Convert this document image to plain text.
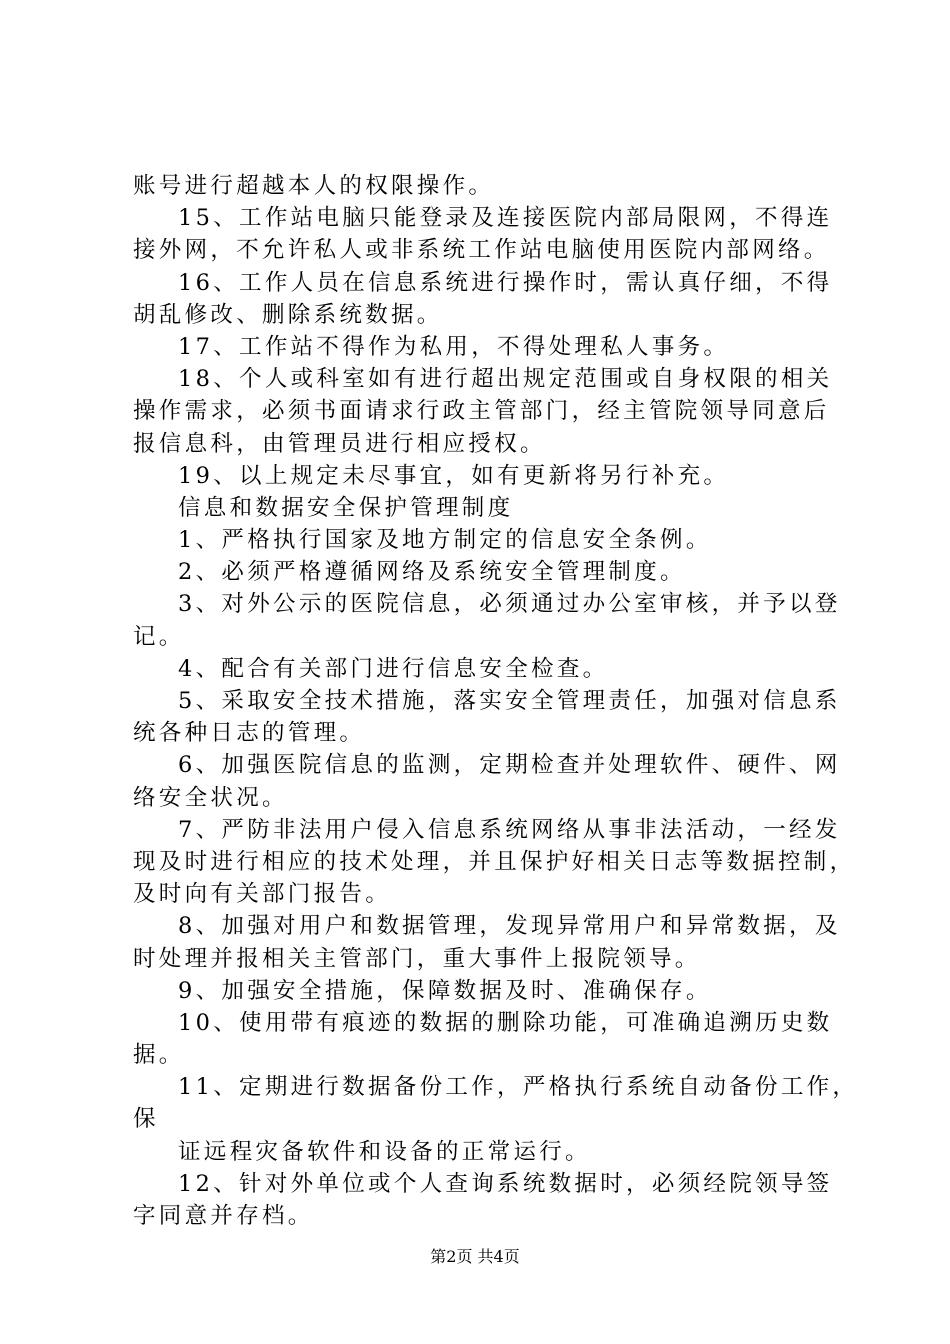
账号进行超越本人的权限操作。
15、工作站电脑只能登录及连接医院内部局限网，不得连
接外网，不允许私人或非系统工作站电脑使用医院内部网络。
16、工作人员在信息系统进行操作时，需认真仔细，不得
胡乱修改、删除系统数据。
17、工作站不得作为私用，不得处理私人事务。
18、个人或科室如有进行超出规定范围或自身权限的相关
操作需求，必须书面请求行政主管部门，经主管院领导同意后
报信息科，由管理员进行相应授权。
19、以上规定未尽事宜，如有更新将另行补充。
信息和数据安全保护管理制度
1、严格执行国家及地方制定的信息安全条例。
2、必须严格遵循网络及系统安全管理制度。
3、对外公示的医院信息，必须通过办公室审核，并予以登
记。
4、配合有关部门进行信息安全检查。
5、采取安全技术措施，落实安全管理责任，加强对信息系
统各种日志的管理。
6、加强医院信息的监测，定期检查并处理软件、硬件、网
络安全状况。
7、严防非法用户侵入信息系统网络从事非法活动，一经发
现及时进行相应的技术处理，并且保护好相关日志等数据控制，
及时向有关部门报告。
8、加强对用户和数据管理，发现异常用户和异常数据，及
时处理并报相关主管部门，重大事件上报院领导。
9、加强安全措施，保障数据及时、准确保存。
10、使用带有痕迹的数据的删除功能，可准确追溯历史数
据。
11、定期进行数据备份工作，严格执行系统自动备份工作，
保
证远程灾备软件和设备的正常运行。
12、针对外单位或个人查询系统数据时，必须经院领导签
字同意并存档。
第2页 共4页
